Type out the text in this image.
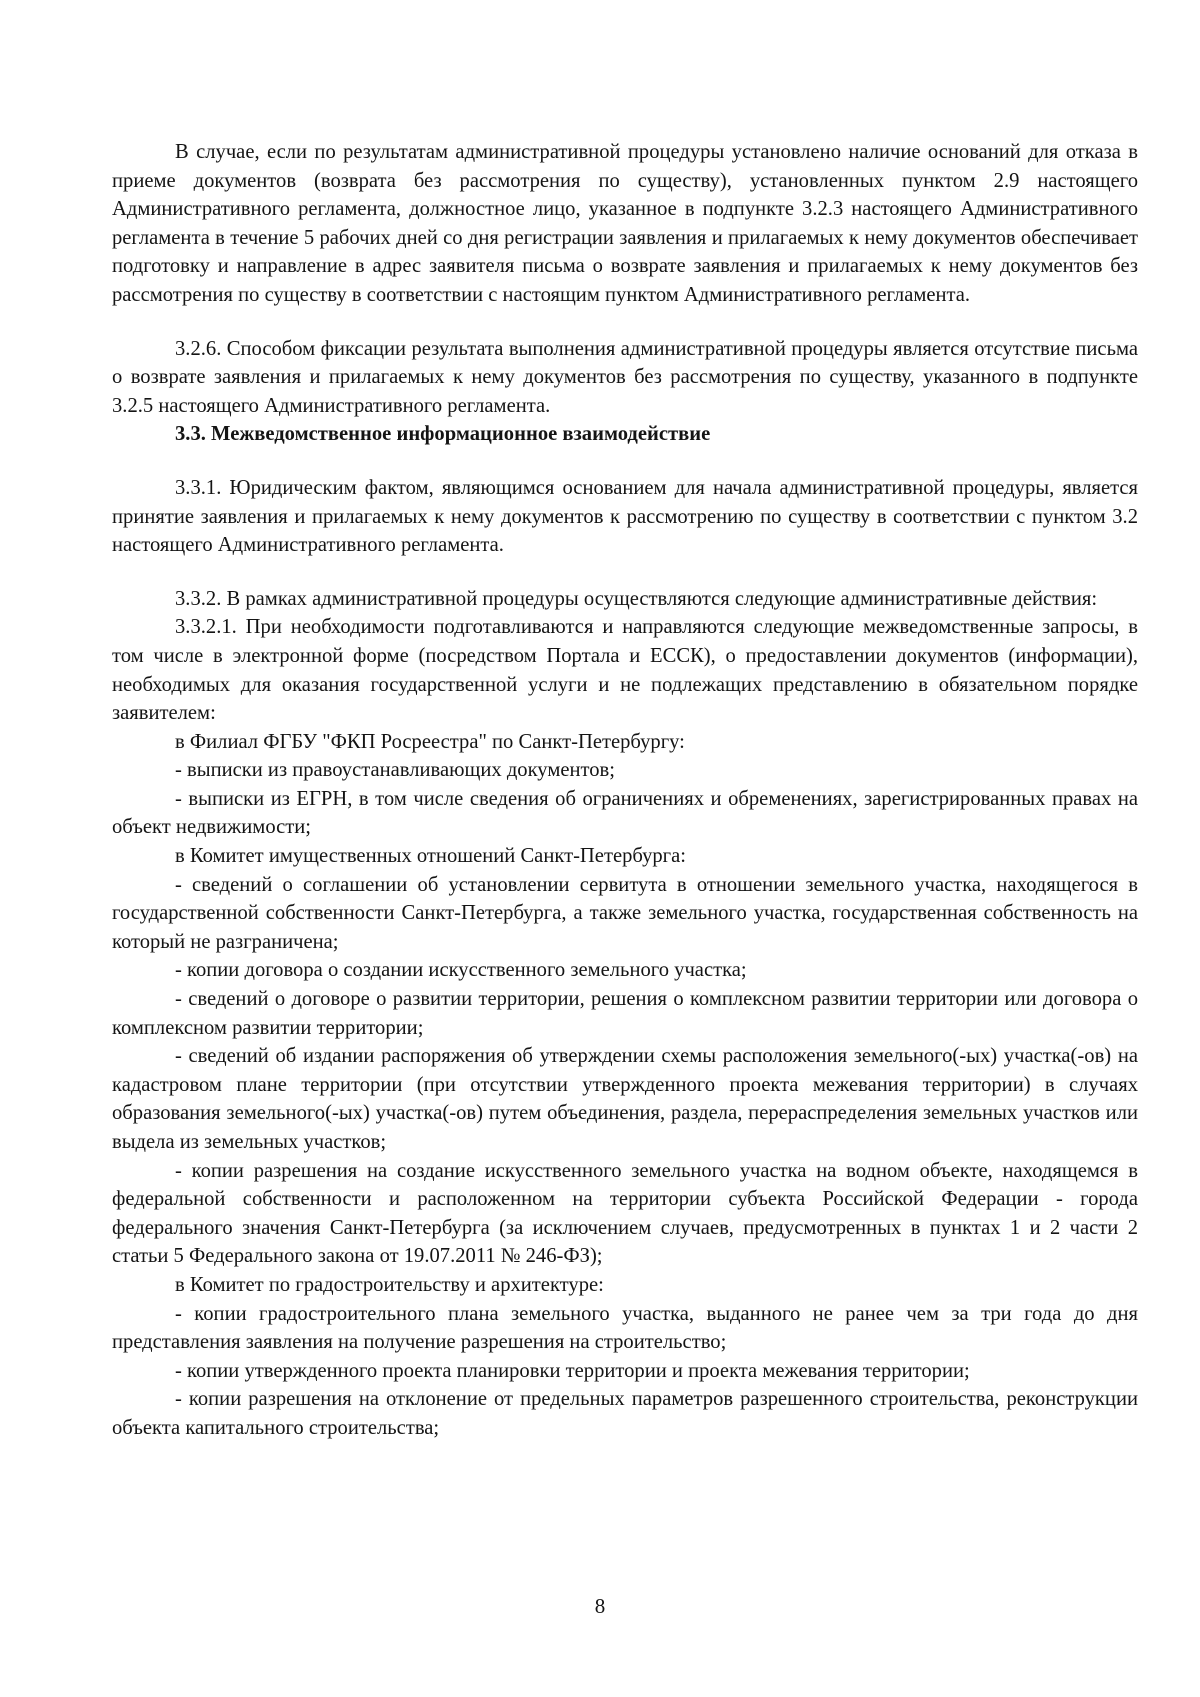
В случае, если по результатам административной процедуры установлено наличие оснований для отказа в приеме документов (возврата без рассмотрения по существу), установленных пунктом 2.9 настоящего Административного регламента, должностное лицо, указанное в подпункте 3.2.3 настоящего Административного регламента в течение 5 рабочих дней со дня регистрации заявления и прилагаемых к нему документов обеспечивает подготовку и направление в адрес заявителя письма о возврате заявления и прилагаемых к нему документов без рассмотрения по существу в соответствии с настоящим пунктом Административного регламента.

3.2.6. Способом фиксации результата выполнения административной процедуры является отсутствие письма о возврате заявления и прилагаемых к нему документов без рассмотрения по существу, указанного в подпункте 3.2.5 настоящего Административного регламента.

3.3. Межведомственное информационное взаимодействие

3.3.1. Юридическим фактом, являющимся основанием для начала административной процедуры, является принятие заявления и прилагаемых к нему документов к рассмотрению по существу в соответствии с пунктом 3.2 настоящего Административного регламента.

3.3.2. В рамках административной процедуры осуществляются следующие административные действия:

3.3.2.1. При необходимости подготавливаются и направляются следующие межведомственные запросы, в том числе в электронной форме (посредством Портала и ЕССК), о предоставлении документов (информации), необходимых для оказания государственной услуги и не подлежащих представлению в обязательном порядке заявителем:

в Филиал ФГБУ "ФКП Росреестра" по Санкт-Петербургу:

- выписки из правоустанавливающих документов;

- выписки из ЕГРН, в том числе сведения об ограничениях и обременениях, зарегистрированных правах на объект недвижимости;

в Комитет имущественных отношений Санкт-Петербурга:

- сведений о соглашении об установлении сервитута в отношении земельного участка, находящегося в государственной собственности Санкт-Петербурга, а также земельного участка, государственная собственность на который не разграничена;

- копии договора о создании искусственного земельного участка;

- сведений о договоре о развитии территории, решения о комплексном развитии территории или договора о комплексном развитии территории;

- сведений об издании распоряжения об утверждении схемы расположения земельного(-ых) участка(-ов) на кадастровом плане территории (при отсутствии утвержденного проекта межевания территории) в случаях образования земельного(-ых) участка(-ов) путем объединения, раздела, перераспределения земельных участков или выдела из земельных участков;

- копии разрешения на создание искусственного земельного участка на водном объекте, находящемся в федеральной собственности и расположенном на территории субъекта Российской Федерации - города федерального значения Санкт-Петербурга (за исключением случаев, предусмотренных в пунктах 1 и 2 части 2 статьи 5 Федерального закона от 19.07.2011 № 246-ФЗ);

в Комитет по градостроительству и архитектуре:

- копии градостроительного плана земельного участка, выданного не ранее чем за три года до дня представления заявления на получение разрешения на строительство;

- копии утвержденного проекта планировки территории и проекта межевания территории;

- копии разрешения на отклонение от предельных параметров разрешенного строительства, реконструкции объекта капитального строительства;

8
